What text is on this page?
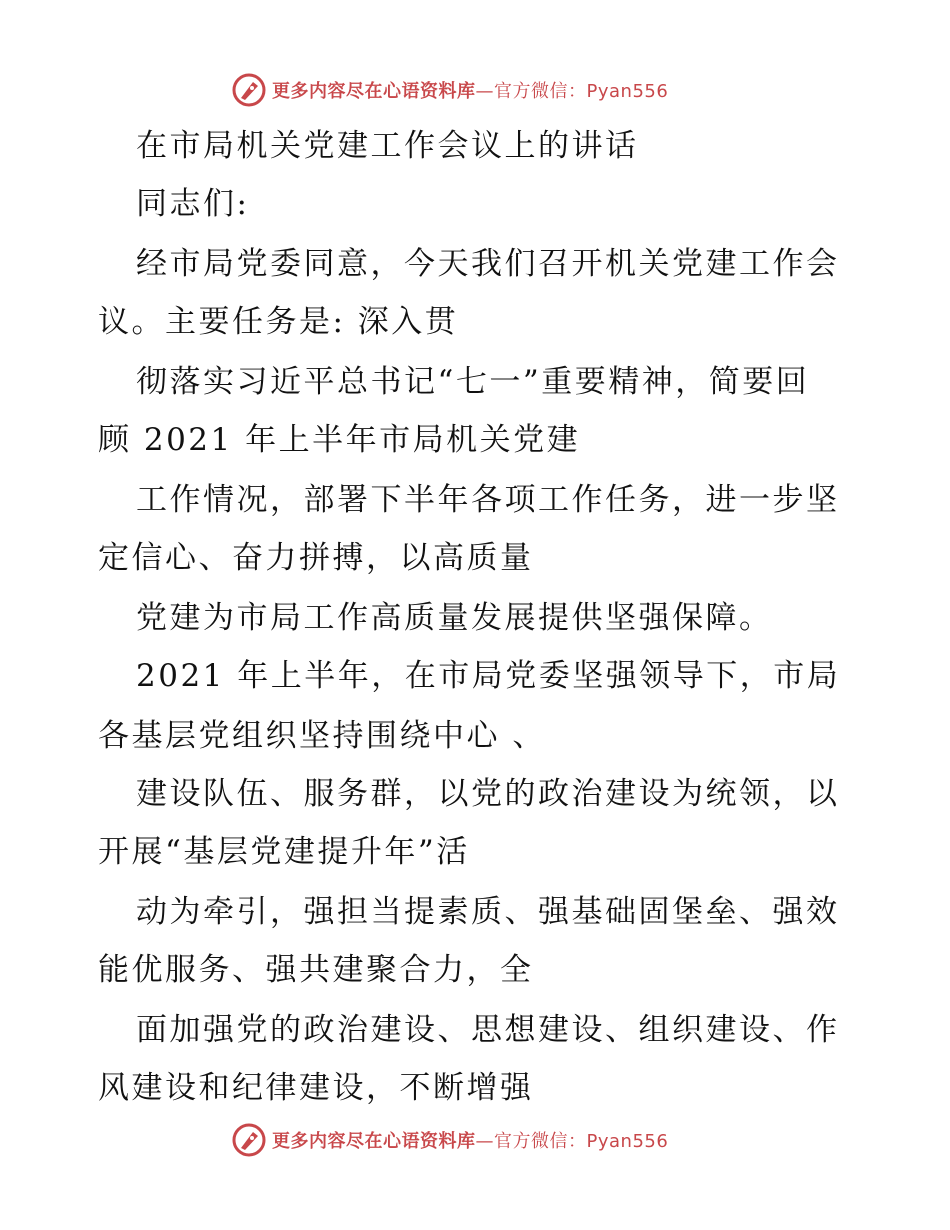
更多内容尽在心语资料库—官方微信：Pyan556
在市局机关党建工作会议上的讲话
同志们:
经市局党委同意，今天我们召开机关党建工作会
议。主要任务是: 深入贯
彻落实习近平总书记“七一”重要精神，简要回
顾 2021 年上半年市局机关党建
工作情况，部署下半年各项工作任务，进一步坚
定信心、奋力拼搏，以高质量
党建为市局工作高质量发展提供坚强保障。
2021 年上半年，在市局党委坚强领导下，市局
各基层党组织坚持围绕中心 、
建设队伍、服务群，以党的政治建设为统领，以
开展“基层党建提升年”活
动为牵引，强担当提素质、强基础固堡垒、强效
能优服务、强共建聚合力，全
面加强党的政治建设、思想建设、组织建设、作
风建设和纪律建设，不断增强
更多内容尽在心语资料库—官方微信：Pyan556
